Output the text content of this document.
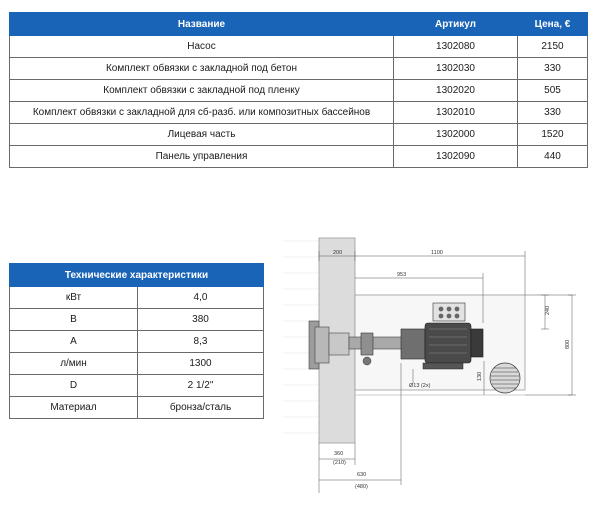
Название	Артикул	Цена, €
Насос	1302080	2150
Комплект обвязки с закладной под бетон	1302030	330
Комплект обвязки с закладной под пленку	1302020	505
Комплект обвязки с закладной для сб-разб. или композитных бассейнов	1302010	330
Лицевая часть	1302000	1520
Панель управления	1302090	440
Технические характеристики	
кВт	4,0
В	380
А	8,3
л/мин	1300
D	2 1/2"
Материал	бронза/сталь
200	1100
953
240
800
130
Ø13 (2x)
360
(210)
630
(480)
